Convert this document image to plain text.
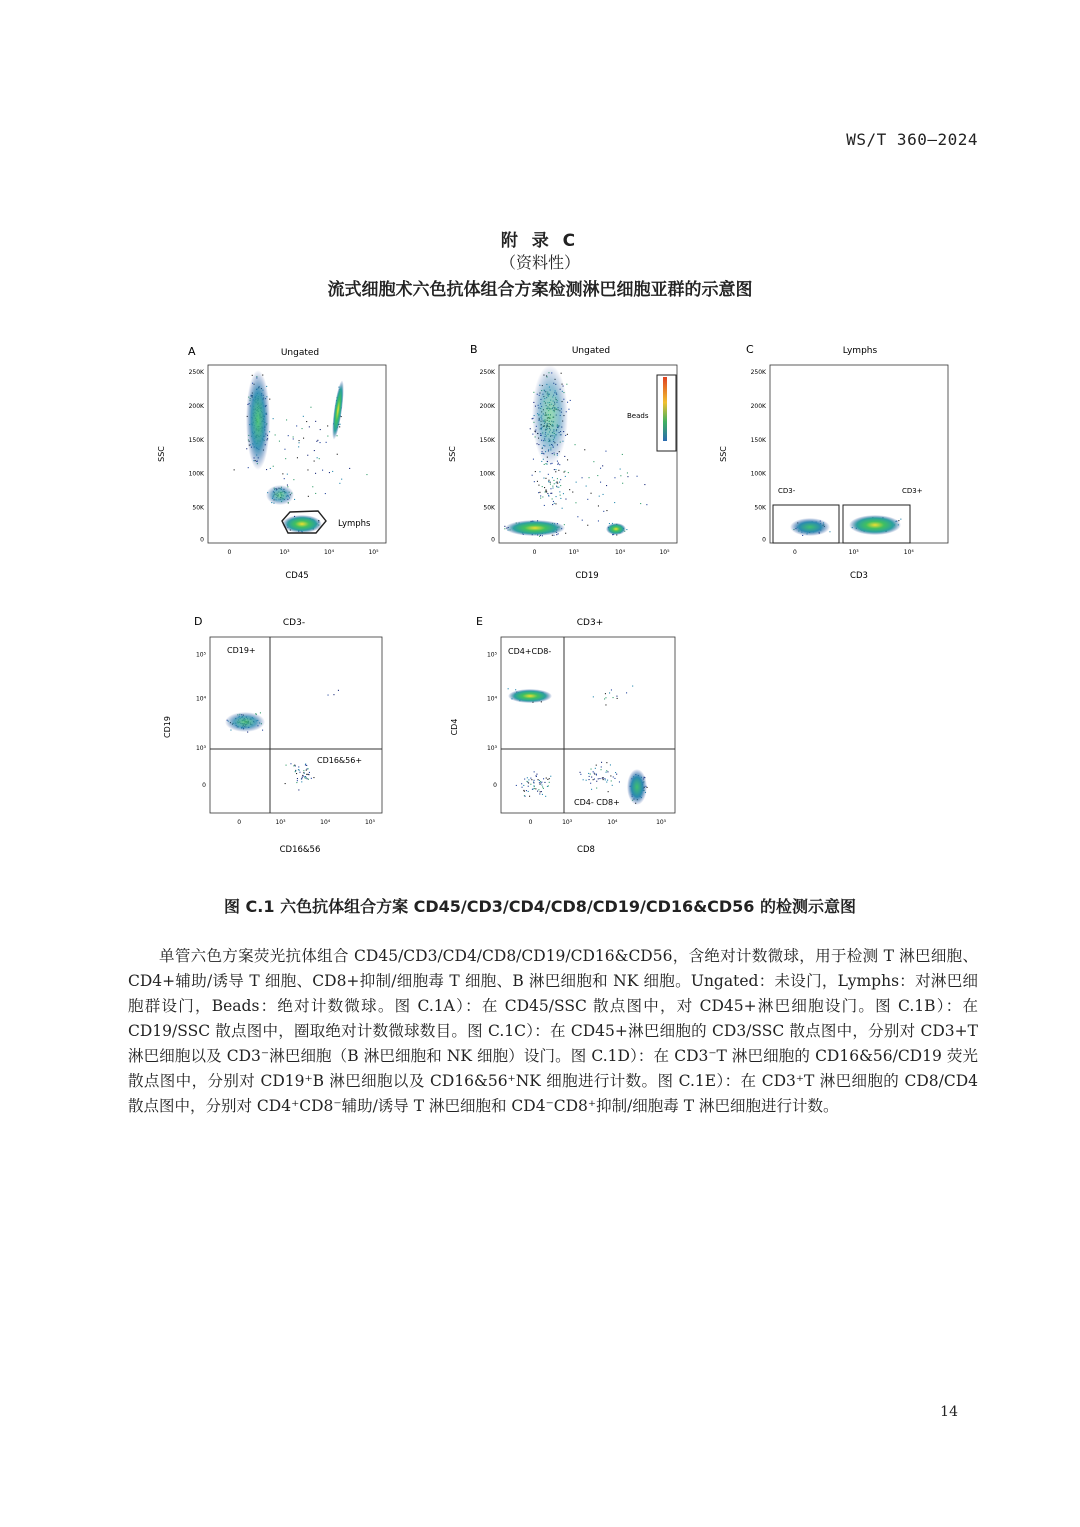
WS/T 360—2024
附 录 C
（资料性）
流式细胞术六色抗体组合方案检测淋巴细胞亚群的示意图
A	Ungated
Lymphs
SSC
CD45
B	Ungated
Beads
SSC
CD19
C	Lymphs
CD3-	CD3+
SSC
CD3
D	CD3-
CD19+
CD16&56+
CD19
CD16&56
E	CD3+
CD4+CD8-
CD4- CD8+
CD4
CD8
0	10³	10⁴	10⁵
250K
200K
150K
100K
50K
0
0	10³	10⁴	10⁵
250K
200K
150K
100K
50K
0
0	10³	10⁴
250K
200K
150K
100K
50K
0
0	10³	10⁴	10⁵
10⁵
10⁴
10³
0
0	10³	10⁴	10⁵
10⁵
10⁴
10³
0
图 C.1 六色抗体组合方案 CD45/CD3/CD4/CD8/CD19/CD16&CD56 的检测示意图

单管六色方案荧光抗体组合 CD45/CD3/CD4/CD8/CD19/CD16&CD56，含绝对计数微球，用于检测 T 淋巴细胞、CD4+辅助/诱导 T 细胞、CD8+抑制/细胞毒 T 细胞、B 淋巴细胞和 NK 细胞。Ungated：未设门，Lymphs：对淋巴细胞群设门，Beads：绝对计数微球。图 C.1A）：在 CD45/SSC 散点图中，对 CD45+淋巴细胞设门。图 C.1B）：在 CD19/SSC 散点图中，圈取绝对计数微球数目。图 C.1C）：在 CD45+淋巴细胞的 CD3/SSC 散点图中，分别对 CD3+T 淋巴细胞以及 CD3⁻淋巴细胞（B 淋巴细胞和 NK 细胞）设门。图 C.1D）：在 CD3⁻T 淋巴细胞的 CD16&56/CD19 荧光散点图中，分别对 CD19⁺B 淋巴细胞以及 CD16&56⁺NK 细胞进行计数。图 C.1E）：在 CD3⁺T 淋巴细胞的 CD8/CD4 散点图中，分别对 CD4⁺CD8⁻辅助/诱导 T 淋巴细胞和 CD4⁻CD8⁺抑制/细胞毒 T 淋巴细胞进行计数。

14
